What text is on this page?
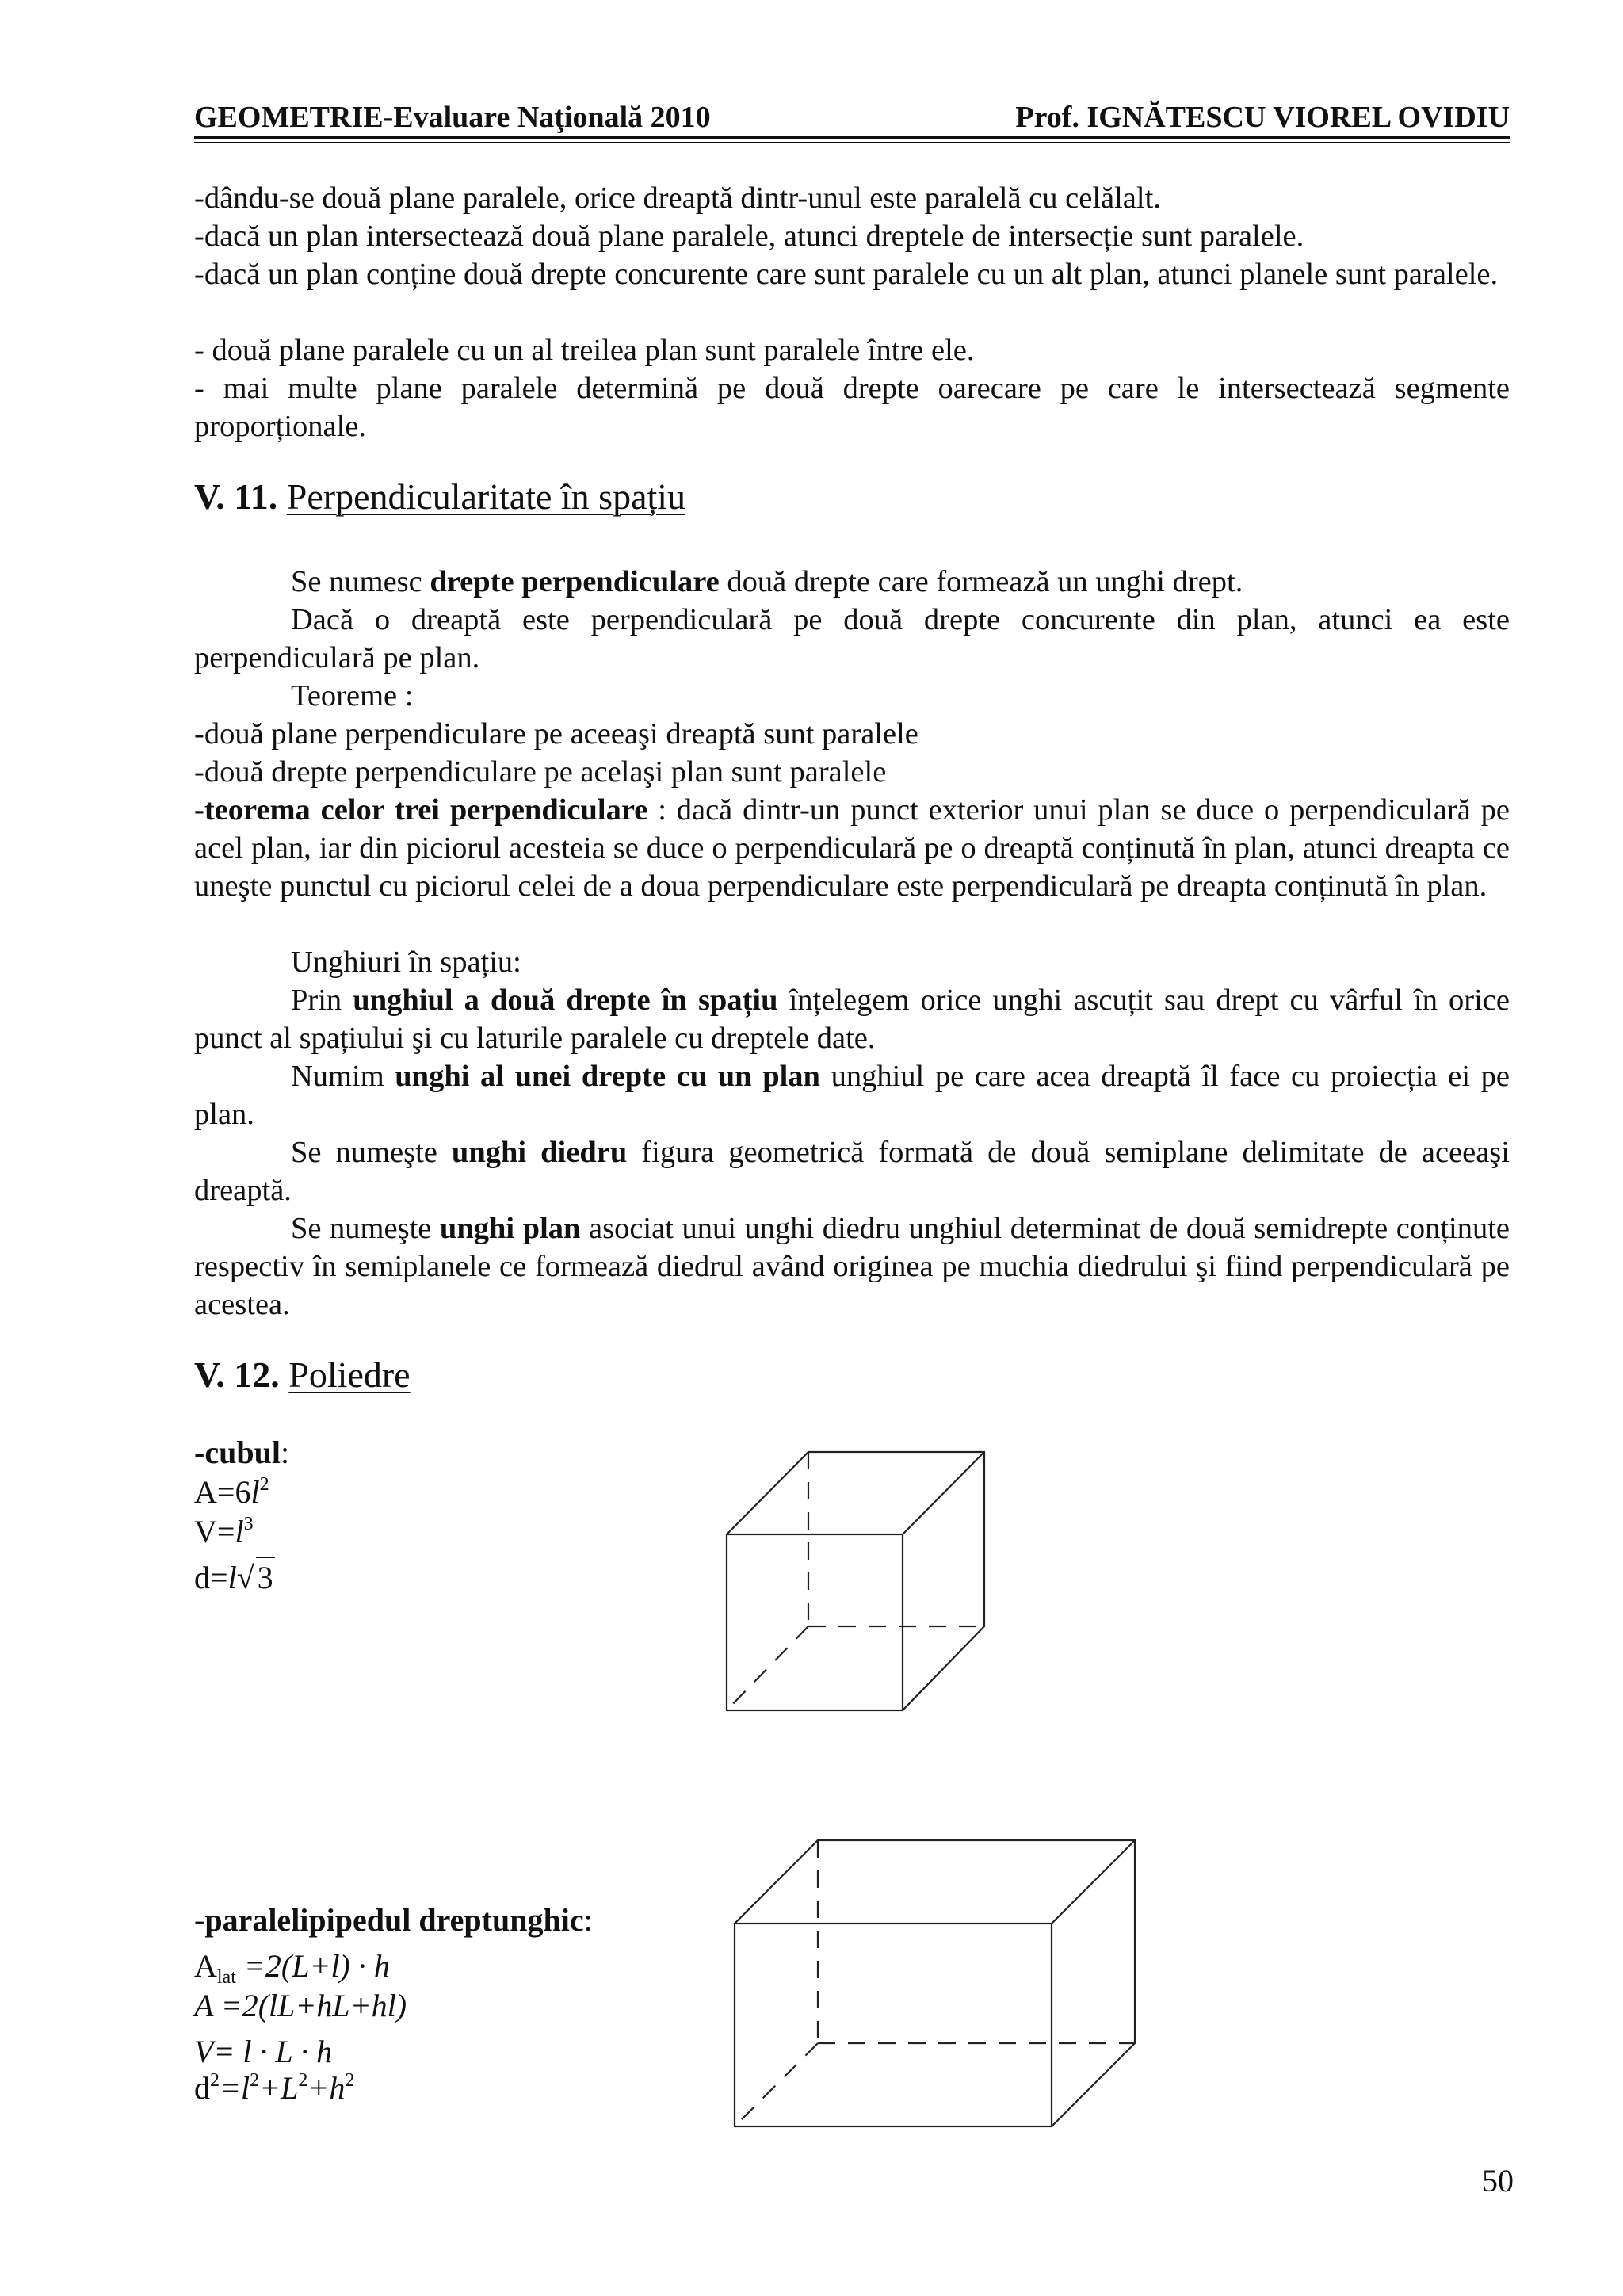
GEOMETRIE-Evaluare Naţională 2010	Prof. IGNĂTESCU VIOREL OVIDIU
-dându-se două plane paralele, orice dreaptă dintr-unul este paralelă cu celălalt.
-dacă un plan intersectează două plane paralele, atunci dreptele de intersecție sunt paralele.
-dacă un plan conține două drepte concurente care sunt paralele cu un alt plan, atunci planele sunt paralele.
- două plane paralele cu un al treilea plan sunt paralele între ele.
- mai multe plane paralele determină pe două drepte oarecare pe care le intersectează segmente proporționale.
V. 11. Perpendicularitate în spațiu
Se numesc drepte perpendiculare două drepte care formează un unghi drept.
Dacă o dreaptă este perpendiculară pe două drepte concurente din plan, atunci ea este perpendiculară pe plan.
Teoreme :
-două plane perpendiculare pe aceeaşi dreaptă sunt paralele
-două drepte perpendiculare pe acelaşi plan sunt paralele
-teorema celor trei perpendiculare : dacă dintr-un punct exterior unui plan se duce o perpendiculară pe acel plan, iar din piciorul acesteia se duce o perpendiculară pe o dreaptă conținută în plan, atunci dreapta ce uneşte punctul cu piciorul celei de a doua perpendiculare este perpendiculară pe dreapta conținută în plan.
Unghiuri în spațiu:
Prin unghiul a două drepte în spațiu înțelegem orice unghi ascuțit sau drept cu vârful în orice punct al spațiului şi cu laturile paralele cu dreptele date.
Numim unghi al unei drepte cu un plan unghiul pe care acea dreaptă îl face cu proiecția ei pe plan.
Se numeşte unghi diedru figura geometrică formată de două semiplane delimitate de aceeaşi dreaptă.
Se numeşte unghi plan asociat unui unghi diedru unghiul determinat de două semidrepte conținute respectiv în semiplanele ce formează diedrul având originea pe muchia diedrului şi fiind perpendiculară pe acestea.
V. 12. Poliedre
-cubul:
$A=6l^2$
$V=l^3$
d=l√ 3
-paralelipipedul dreptunghic:
$A_{lat} =2(L+l) \cdot h$
A =2(lL+hL+hl)
V= l · L · h
$d^2=l^2+L^2+h^2$
50
